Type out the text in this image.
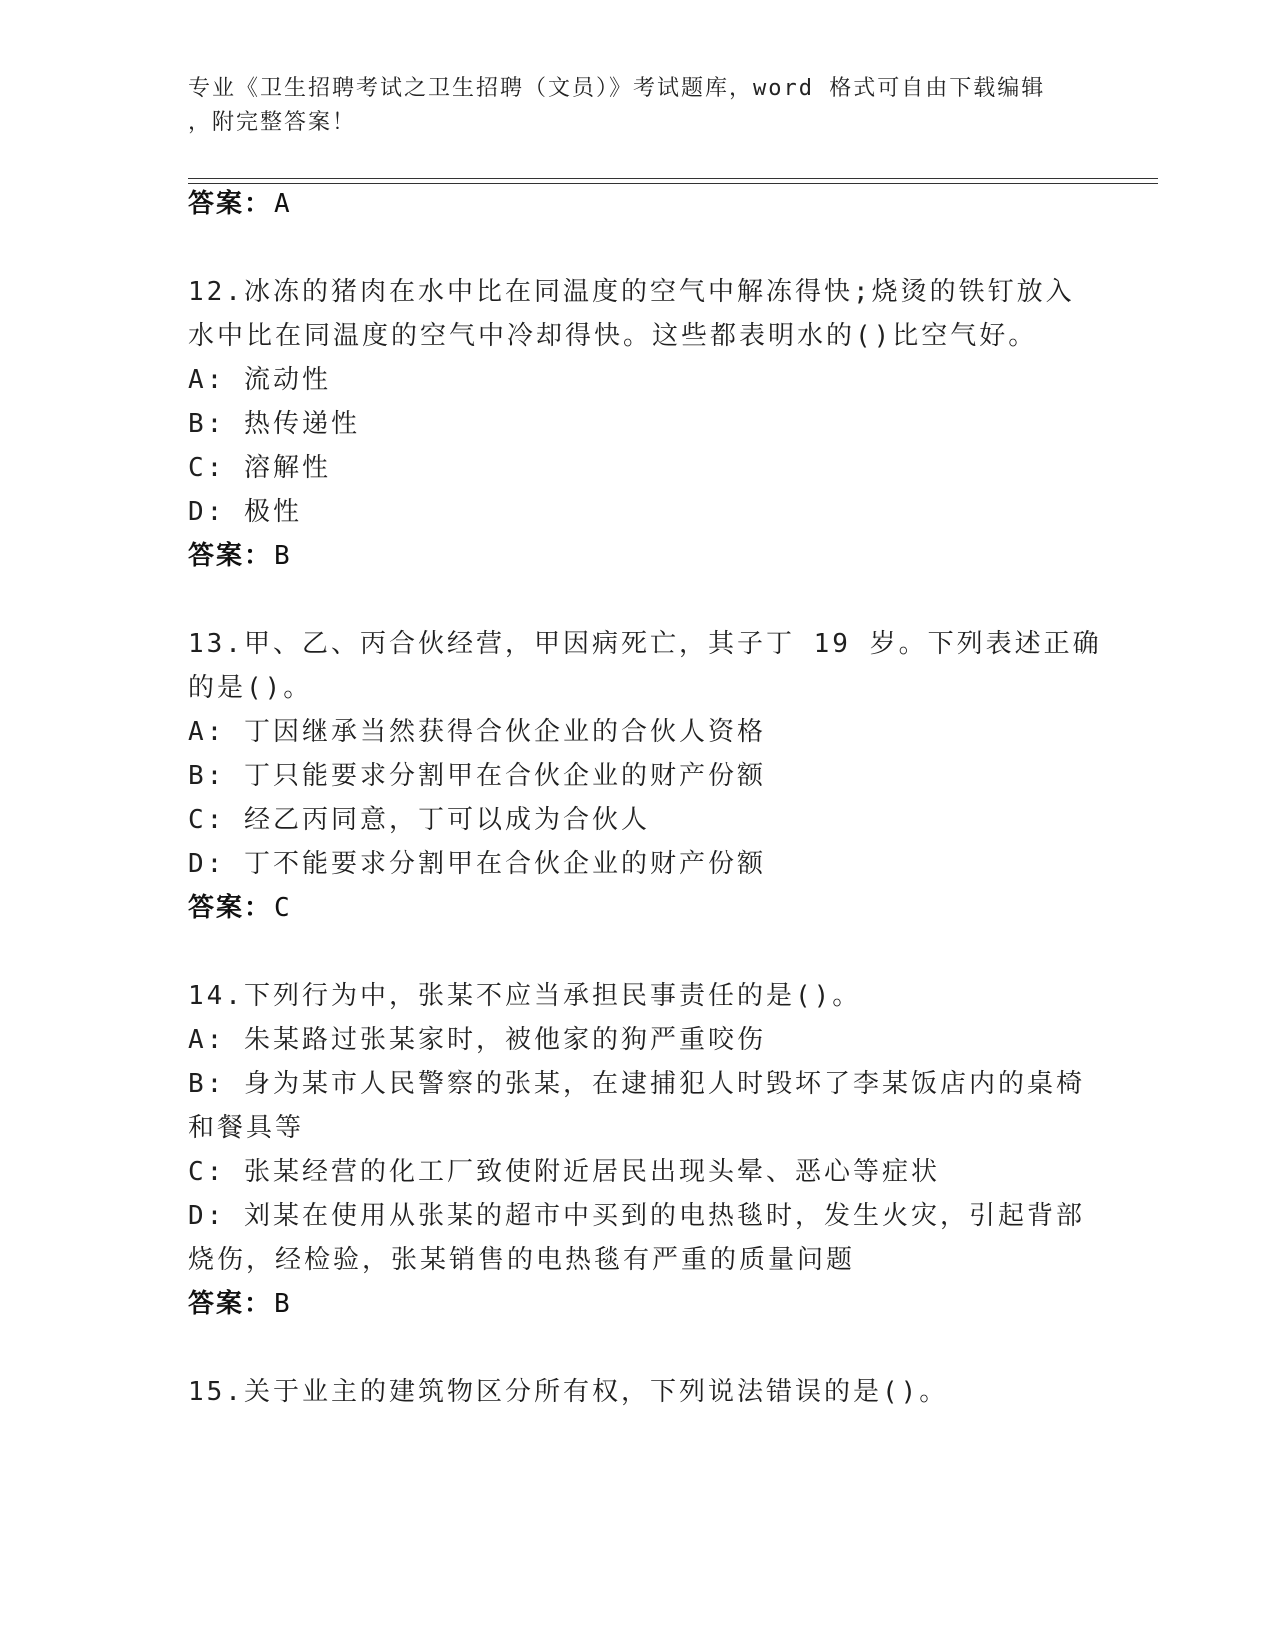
专业《卫生招聘考试之卫生招聘（文员）》考试题库，word 格式可自由下载编辑
，附完整答案！
答案：A
12.冰冻的猪肉在水中比在同温度的空气中解冻得快;烧烫的铁钉放入
水中比在同温度的空气中冷却得快。这些都表明水的()比空气好。
A: 流动性
B: 热传递性
C: 溶解性
D: 极性
答案：B
13.甲、乙、丙合伙经营，甲因病死亡，其子丁 19 岁。下列表述正确
的是()。
A: 丁因继承当然获得合伙企业的合伙人资格
B: 丁只能要求分割甲在合伙企业的财产份额
C: 经乙丙同意，丁可以成为合伙人
D: 丁不能要求分割甲在合伙企业的财产份额
答案：C
14.下列行为中，张某不应当承担民事责任的是()。
A: 朱某路过张某家时，被他家的狗严重咬伤
B: 身为某市人民警察的张某，在逮捕犯人时毁坏了李某饭店内的桌椅
和餐具等
C: 张某经营的化工厂致使附近居民出现头晕、恶心等症状
D: 刘某在使用从张某的超市中买到的电热毯时，发生火灾，引起背部
烧伤，经检验，张某销售的电热毯有严重的质量问题
答案：B
15.关于业主的建筑物区分所有权，下列说法错误的是()。
